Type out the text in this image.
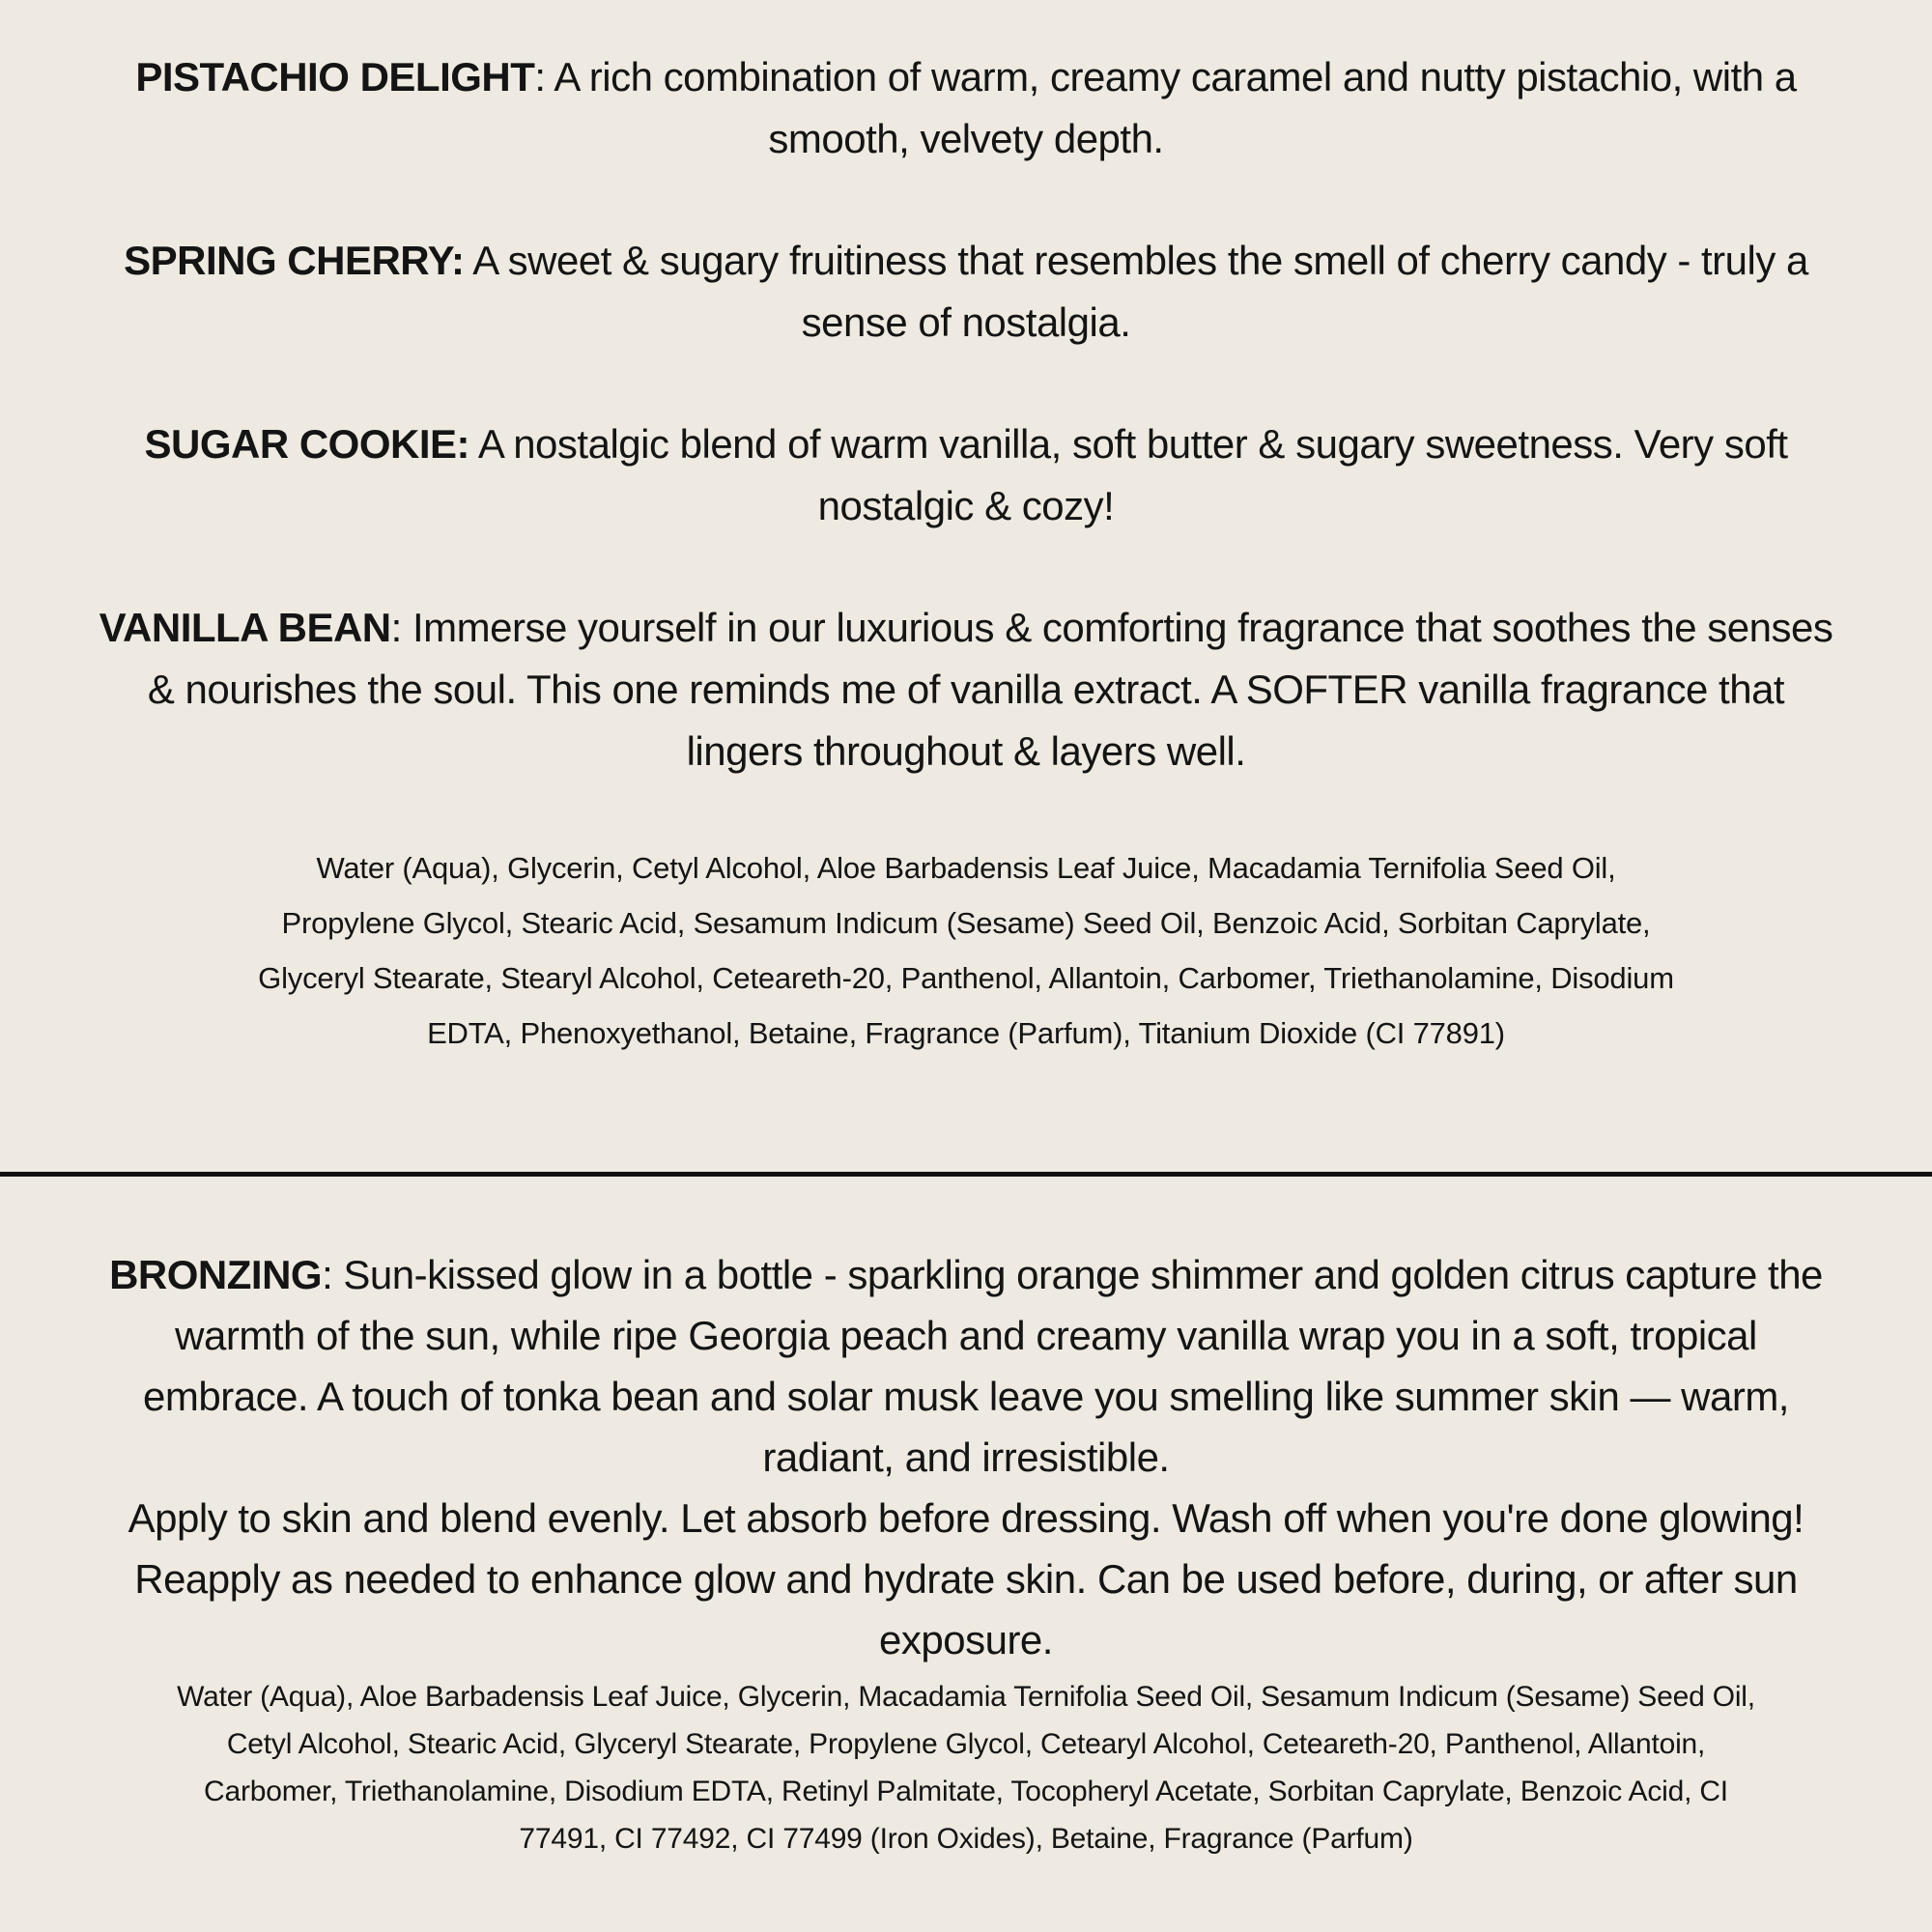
PISTACHIO DELIGHT: A rich combination of warm, creamy caramel and nutty pistachio, with a
smooth, velvety depth.

SPRING CHERRY: A sweet & sugary fruitiness that resembles the smell of cherry candy - truly a
sense of nostalgia.

SUGAR COOKIE: A nostalgic blend of warm vanilla, soft butter & sugary sweetness. Very soft
nostalgic & cozy!

VANILLA BEAN: Immerse yourself in our luxurious & comforting fragrance that soothes the senses
& nourishes the soul. This one reminds me of vanilla extract. A SOFTER vanilla fragrance that
lingers throughout & layers well.

Water (Aqua), Glycerin, Cetyl Alcohol, Aloe Barbadensis Leaf Juice, Macadamia Ternifolia Seed Oil,
Propylene Glycol, Stearic Acid, Sesamum Indicum (Sesame) Seed Oil, Benzoic Acid, Sorbitan Caprylate,
Glyceryl Stearate, Stearyl Alcohol, Ceteareth-20, Panthenol, Allantoin, Carbomer, Triethanolamine, Disodium
EDTA, Phenoxyethanol, Betaine, Fragrance (Parfum), Titanium Dioxide (CI 77891)

BRONZING: Sun-kissed glow in a bottle - sparkling orange shimmer and golden citrus capture the
warmth of the sun, while ripe Georgia peach and creamy vanilla wrap you in a soft, tropical
embrace. A touch of tonka bean and solar musk leave you smelling like summer skin — warm,
radiant, and irresistible.

Apply to skin and blend evenly. Let absorb before dressing. Wash off when you're done glowing!
Reapply as needed to enhance glow and hydrate skin. Can be used before, during, or after sun
exposure.

Water (Aqua), Aloe Barbadensis Leaf Juice, Glycerin, Macadamia Ternifolia Seed Oil, Sesamum Indicum (Sesame) Seed Oil,
Cetyl Alcohol, Stearic Acid, Glyceryl Stearate, Propylene Glycol, Cetearyl Alcohol, Ceteareth-20, Panthenol, Allantoin,
Carbomer, Triethanolamine, Disodium EDTA, Retinyl Palmitate, Tocopheryl Acetate, Sorbitan Caprylate, Benzoic Acid, CI
77491, CI 77492, CI 77499 (Iron Oxides), Betaine, Fragrance (Parfum)
